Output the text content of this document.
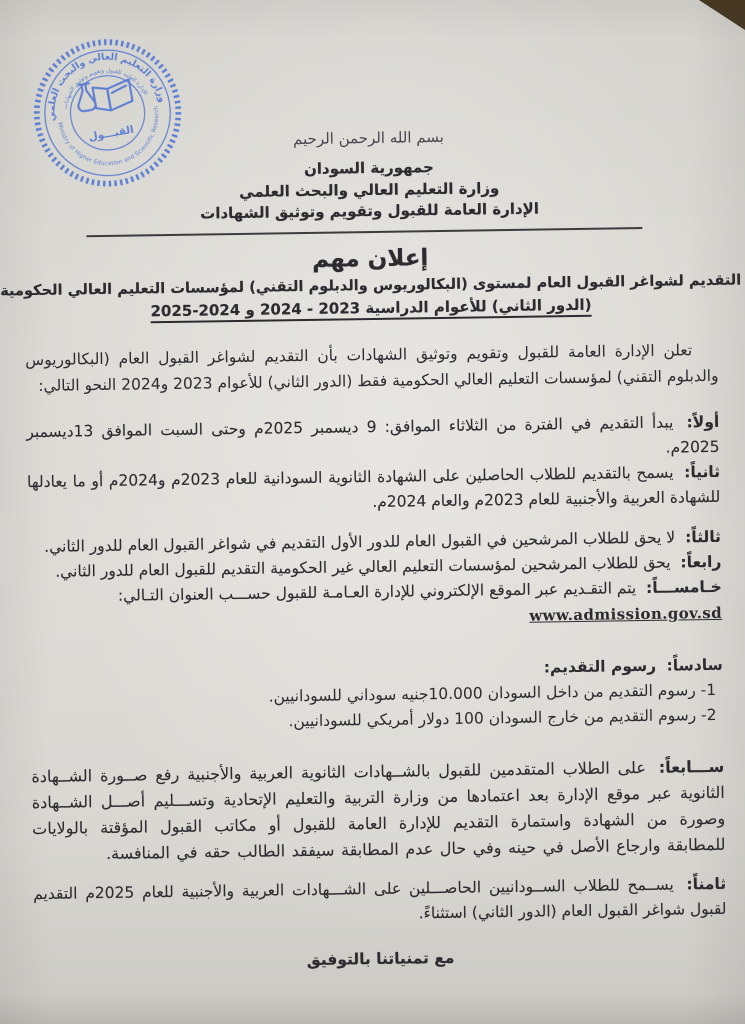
وزارة التعليم العالي والبحث العلمي
الإدارة العامة للقبول وتقويم وتوثيق الشهادات
Ministry of Higher Education and Scientific Research
القبـــول	بسم الله الرحمن الرحيم
جمهورية السودان
وزارة التعليم العالي والبحث العلمي
الإدارة العامة للقبول وتقويم وتوثيق الشهادات
إعلان مهم
التقديم لشواغر القبول العام لمستوى (البكالوريوس والدبلوم التقني) لمؤسسات التعليم العالي الحكومية
(الدور الثاني) للأعوام الدراسية 2023 - 2024 و 2024-2025

تعلن الإدارة العامة للقبول وتقويم وتوثيق الشهادات بأن التقديم لشواغر القبول العام (البكالوريوس والدبلوم التقني) لمؤسسات التعليم العالي الحكومية فقط (الدور الثاني) للأعوام 2023 و2024 النحو التالي:

أولاً: يبدأ التقديم في الفترة من الثلاثاء الموافق: 9 ديسمبر 2025م وحتى السبت الموافق 13ديسمبر 2025م.

ثانياً: يسمح بالتقديم للطلاب الحاصلين على الشهادة الثانوية السودانية للعام 2023م و2024م أو ما يعادلها للشهادة العربية والأجنبية للعام 2023م والعام 2024م.

ثالثاً: لا يحق للطلاب المرشحين في القبول العام للدور الأول التقديم في شواغر القبول العام للدور الثاني.

رابعاً: يحق للطلاب المرشحين لمؤسسات التعليم العالي غير الحكومية التقديم للقبول العام للدور الثاني.

خـامســـاً: يتم التقـديم عبر الموقع الإلكتروني للإدارة العـامـة للقبول حســـب العنوان التـالي:

www.admission.gov.sd

سادساً: رسوم التقديم:

1- رسوم التقديم من داخل السودان 10.000جنيه سوداني للسودانيين.

2- رسوم التقديم من خارج السودان 100 دولار أمريكي للسودانيين.

ســـابعاً: على الطلاب المتقدمين للقبول بالشــهادات الثانوية العربية والأجنبية رفع صــورة الشــهادة الثانوية عبر موقع الإدارة بعد اعتمادها من وزارة التربية والتعليم الإتحادية وتســـليم أصـــل الشــهادة وصورة من الشهادة واستمارة التقديم للإدارة العامة للقبول أو مكاتب القبول المؤقتة بالولايات للمطابقة وارجاع الأصل في حينه وفي حال عدم المطابقة سيفقد الطالب حقه في المنافسة.

ثامناً: يســمح للطلاب الســودانيين الحاصـــلين على الشـــهادات العربية والأجنبية للعام 2025م التقديم لقبول شواغر القبول العام (الدور الثاني) استثناءً.

مع تمنياتنا بالتوفيق
